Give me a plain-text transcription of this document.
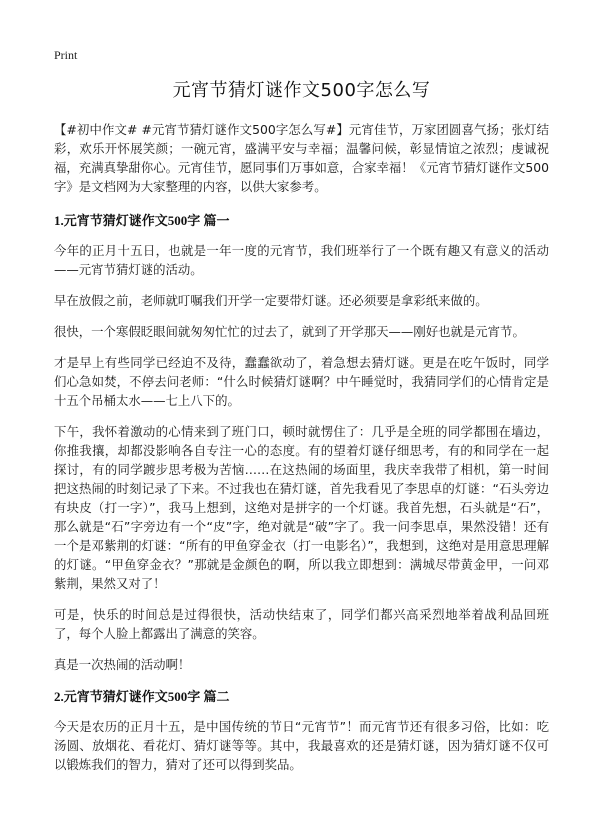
Print
元宵节猜灯谜作文500字怎么写

【#初中作文# #元宵节猜灯谜作文500字怎么写#】元宵佳节，万家团圆喜气扬；张灯结彩，欢乐开怀展笑颜；一碗元宵，盛满平安与幸福；温馨问候，彰显情谊之浓烈；虔诚祝福，充满真挚甜你心。元宵佳节，愿同事们万事如意，合家幸福！《元宵节猜灯谜作文500字》是文档网为大家整理的内容，以供大家参考。

1.元宵节猜灯谜作文500字 篇一

今年的正月十五日，也就是一年一度的元宵节，我们班举行了一个既有趣又有意义的活动——元宵节猜灯谜的活动。

早在放假之前，老师就叮嘱我们开学一定要带灯谜。还必须要是拿彩纸来做的。

很快，一个寒假眨眼间就匆匆忙忙的过去了，就到了开学那天——刚好也就是元宵节。

才是早上有些同学已经迫不及待，蠢蠢欲动了，着急想去猜灯谜。更是在吃午饭时，同学们心急如焚，不停去问老师：“什么时候猜灯谜啊？中午睡觉时，我猜同学们的心情肯定是十五个吊桶太水——七上八下的。

下午，我怀着激动的心情来到了班门口，顿时就愣住了：几乎是全班的同学都围在墙边，你推我攘，却都没影响各自专注一心的态度。有的望着灯谜仔细思考，有的和同学在一起探讨，有的同学踱步思考极为苦恼……在这热闹的场面里，我庆幸我带了相机，第一时间把这热闹的时刻记录了下来。不过我也在猜灯谜，首先我看见了李思卓的灯谜：“石头旁边有块皮（打一字）”，我马上想到，这绝对是拼字的一个灯谜。我首先想，石头就是“石”，那么就是“石”字旁边有一个“皮”字，绝对就是“破”字了。我一问李思卓，果然没错！还有一个是邓紫荆的灯谜：“所有的甲鱼穿金衣（打一电影名）”，我想到，这绝对是用意思理解的灯谜。“甲鱼穿金衣？”那就是金颜色的啊，所以我立即想到：满城尽带黄金甲，一问邓紫荆，果然又对了！

可是，快乐的时间总是过得很快，活动快结束了，同学们都兴高采烈地举着战利品回班了，每个人脸上都露出了满意的笑容。

真是一次热闹的活动啊！

2.元宵节猜灯谜作文500字 篇二

今天是农历的正月十五，是中国传统的节日“元宵节”！而元宵节还有很多习俗，比如：吃汤圆、放烟花、看花灯、猜灯谜等等。其中，我最喜欢的还是猜灯谜，因为猜灯谜不仅可以锻炼我们的智力，猜对了还可以得到奖品。
